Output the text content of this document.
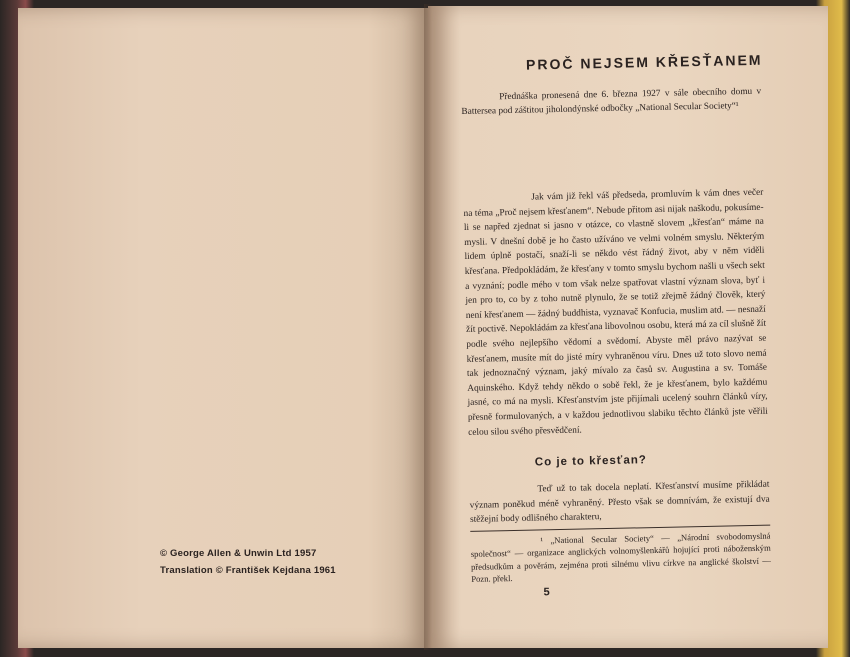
© George Allen & Unwin Ltd 1957
Translation © František Kejdana 1961
PROČ NEJSEM KŘESŤANEM
Přednáška pronesená dne 6. března 1927 v sále obecního domu v Battersea pod záštitou jiholondýnské odbočky „National Secular Society“¹
Jak vám již řekl váš předseda, promluvím k vám dnes večer na téma „Proč nejsem křesťanem“. Nebude přitom asi nijak naškodu, pokusíme-li se napřed zjednat si jasno v otázce, co vlastně slovem „křesťan“ máme na mysli. V dnešní době je ho často užíváno ve velmi volném smyslu. Některým lidem úplně postačí, snaží-li se někdo vést řádný život, aby v něm viděli křesťana. Předpokládám, že křesťany v tomto smyslu bychom našli u všech sekt a vyznání; podle mého v tom však nelze spatřovat vlastní význam slova, byť i jen pro to, co by z toho nutně plynulo, že se totiž zřejmě žádný člověk, který není křesťanem — žádný buddhista, vyznavač Konfucia, muslim atd. — nesnaží žít poctivě. Nepokládám za křesťana libovolnou osobu, která má za cíl slušně žít podle svého nejlepšího vědomí a svědomí. Abyste měl právo nazývat se křesťanem, musíte mít do jisté míry vyhraněnou víru. Dnes už toto slovo nemá tak jednoznačný význam, jaký mívalo za časů sv. Augustina a sv. Tomáše Aquinského. Když tehdy někdo o sobě řekl, že je křesťanem, bylo každému jasné, co má na mysli. Křesťanstvím jste přijímali ucelený souhrn článků víry, přesně formulovaných, a v každou jednotlivou slabiku těchto článků jste věřili celou silou svého přesvědčení.
Co je to křesťan?
Teď už to tak docela neplatí. Křesťanství musíme přikládat význam poněkud méně vyhraněný. Přesto však se domnívám, že existují dva stěžejní body odlišného charakteru,
¹ „National Secular Society“ — „Národní svobodomyslná společnost“ — organizace anglických volnomyšlenkářů hojující proti náboženským předsudkům a pověrám, zejména proti silnému vlivu církve na anglické školství — Pozn. překl.
5
